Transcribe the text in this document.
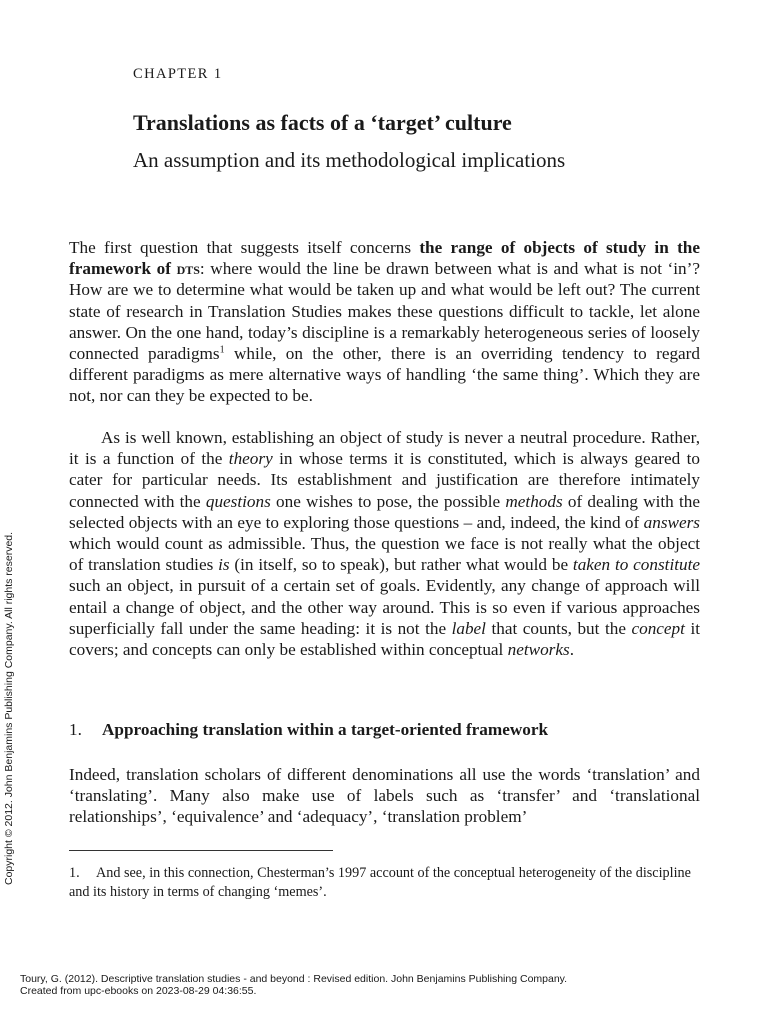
CHAPTER 1
Translations as facts of a ‘target’ culture
An assumption and its methodological implications

The first question that suggests itself concerns the range of objects of study in the framework of dts: where would the line be drawn between what is and what is not ‘in’? How are we to determine what would be taken up and what would be left out? The current state of research in Translation Studies makes these questions difficult to tackle, let alone answer. On the one hand, today’s discipline is a remarkably heterogeneous series of loosely connected paradigms$^1$ while, on the other, there is an overriding tendency to regard different paradigms as mere alternative ways of handling ‘the same thing’. Which they are not, nor can they be expected to be.

As is well known, establishing an object of study is never a neutral procedure. Rather, it is a function of the theory in whose terms it is constituted, which is always geared to cater for particular needs. Its establishment and justification are therefore intimately connected with the questions one wishes to pose, the possible methods of dealing with the selected objects with an eye to exploring those questions – and, indeed, the kind of answers which would count as admissible. Thus, the question we face is not really what the object of translation studies is (in itself, so to speak), but rather what would be taken to constitute such an object, in pursuit of a certain set of goals. Evidently, any change of approach will entail a change of object, and the other way around. This is so even if various approaches superficially fall under the same heading: it is not the label that counts, but the concept it covers; and concepts can only be established within conceptual networks.

1. Approaching translation within a target-oriented framework

Indeed, translation scholars of different denominations all use the words ‘translation’ and ‘translating’. Many also make use of labels such as ‘transfer’ and ‘translational relationships’, ‘equivalence’ and ‘adequacy’, ‘translation problem’

1. And see, in this connection, Chesterman’s 1997 account of the conceptual heterogeneity of the discipline and its history in terms of changing ‘memes’.

Copyright © 2012. John Benjamins Publishing Company. All rights reserved.
Toury, G. (2012). Descriptive translation studies - and beyond : Revised edition. John Benjamins Publishing Company.
Created from upc-ebooks on 2023-08-29 04:36:55.
